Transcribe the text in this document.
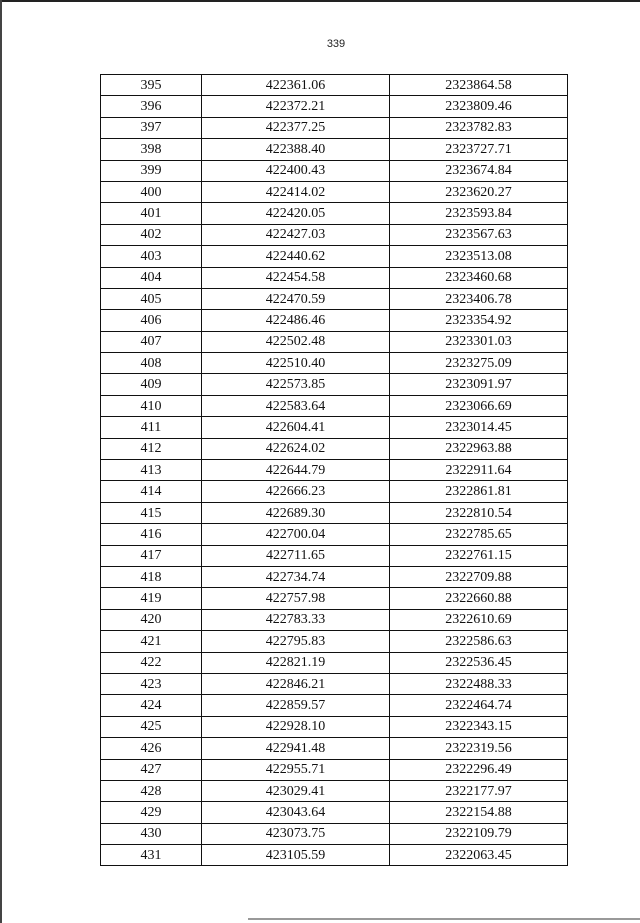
339
395	422361.06	2323864.58
396	422372.21	2323809.46
397	422377.25	2323782.83
398	422388.40	2323727.71
399	422400.43	2323674.84
400	422414.02	2323620.27
401	422420.05	2323593.84
402	422427.03	2323567.63
403	422440.62	2323513.08
404	422454.58	2323460.68
405	422470.59	2323406.78
406	422486.46	2323354.92
407	422502.48	2323301.03
408	422510.40	2323275.09
409	422573.85	2323091.97
410	422583.64	2323066.69
411	422604.41	2323014.45
412	422624.02	2322963.88
413	422644.79	2322911.64
414	422666.23	2322861.81
415	422689.30	2322810.54
416	422700.04	2322785.65
417	422711.65	2322761.15
418	422734.74	2322709.88
419	422757.98	2322660.88
420	422783.33	2322610.69
421	422795.83	2322586.63
422	422821.19	2322536.45
423	422846.21	2322488.33
424	422859.57	2322464.74
425	422928.10	2322343.15
426	422941.48	2322319.56
427	422955.71	2322296.49
428	423029.41	2322177.97
429	423043.64	2322154.88
430	423073.75	2322109.79
431	423105.59	2322063.45
